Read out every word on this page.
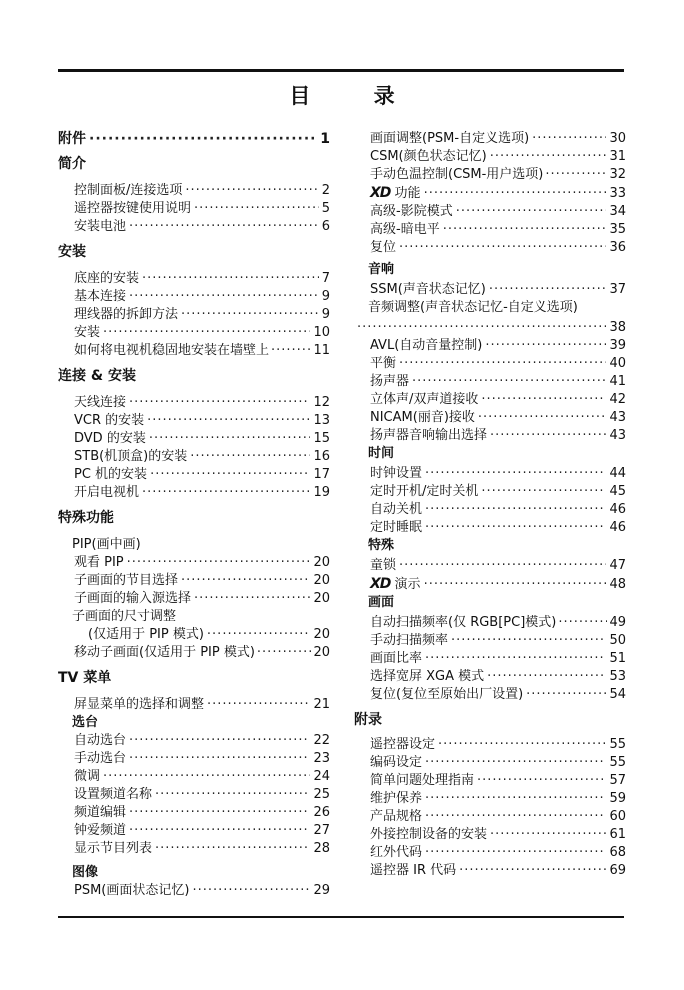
目 录
附件 ·····	1
简介
控制面板/连接选项 ·····	2
遥控器按键使用说明 ·····	5
安装电池 ·····	6
安装
底座的安装 ·····	7
基本连接 ·····	9
理线器的拆卸方法 ·····	9
安装 ·····	10
如何将电视机稳固地安装在墙壁上 ·····	11
连接 & 安装
天线连接 ·····	12
VCR 的安装 ·····	13
DVD 的安装 ·····	15
STB(机顶盒)的安装 ·····	16
PC 机的安装 ·····	17
开启电视机 ·····	19
特殊功能
PIP(画中画)
观看 PIP ·····	20
子画面的节目选择 ·····	20
子画面的输入源选择 ·····	20
子画面的尺寸调整
(仅适用于 PIP 模式) ·····	20
移动子画面(仅适用于 PIP 模式) ·····	20
TV 菜单
屏显菜单的选择和调整 ·····	21
选台
自动选台 ·····	22
手动选台 ·····	23
微调 ·····	24
设置频道名称 ·····	25
频道编辑 ·····	26
钟爱频道 ·····	27
显示节目列表 ·····	28
图像
PSM(画面状态记忆) ·····	29
画面调整(PSM-自定义选项) ·····	30
CSM(颜色状态记忆) ·····	31
手动色温控制(CSM-用户选项) ·····	32
XD 功能 ·····	33
高级-影院模式 ·····	34
高级-暗电平 ·····	35
复位 ·····	36
音响
SSM(声音状态记忆) ·····	37
音频调整(声音状态记忆-自定义选项)
·····
38
AVL(自动音量控制) ·····	39
平衡 ·····	40
扬声器 ·····	41
立体声/双声道接收 ·····	42
NICAM(丽音)接收 ·····	43
扬声器音响输出选择 ·····	43
时间
时钟设置 ·····	44
定时开机/定时关机 ·····	45
自动关机 ·····	46
定时睡眠 ·····	46
特殊
童锁 ·····	47
XD 演示 ·····	48
画面
自动扫描频率(仅 RGB[PC]模式) ·····	49
手动扫描频率 ·····	50
画面比率 ·····	51
选择宽屏 XGA 模式 ·····	53
复位(复位至原始出厂设置) ·····	54
附录
遥控器设定 ·····	55
编码设定 ·····	55
简单问题处理指南 ·····	57
维护保养 ·····	59
产品规格 ·····	60
外接控制设备的安装 ·····	61
红外代码 ·····	68
遥控器 IR 代码 ·····	69
